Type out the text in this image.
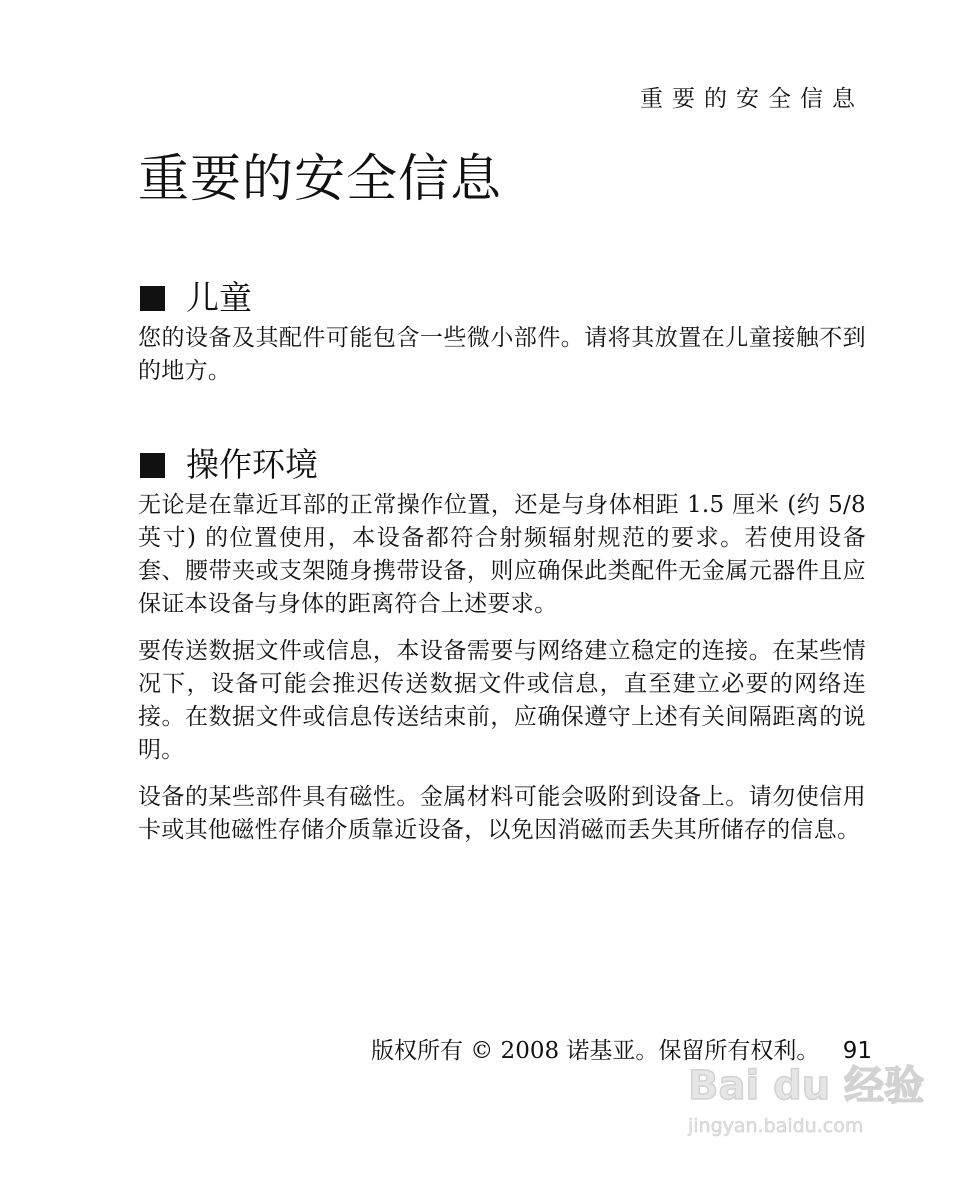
重要的安全信息
重要的安全信息
儿童

您的设备及其配件可能包含一些微小部件。请将其放置在儿童接触不到的地方。

操作环境

无论是在靠近耳部的正常操作位置，还是与身体相距 1.5 厘米 (约 5/8 英寸) 的位置使用，本设备都符合射频辐射规范的要求。若使用设备套、腰带夹或支架随身携带设备，则应确保此类配件无金属元器件且应保证本设备与身体的距离符合上述要求。

要传送数据文件或信息，本设备需要与网络建立稳定的连接。在某些情况下，设备可能会推迟传送数据文件或信息，直至建立必要的网络连接。在数据文件或信息传送结束前，应确保遵守上述有关间隔距离的说明。

设备的某些部件具有磁性。金属材料可能会吸附到设备上。请勿使信用卡或其他磁性存储介质靠近设备，以免因消磁而丢失其所储存的信息。

版权所有 © 2008 诺基亚。保留所有权利。 91
Bai du 经验
jingyan.baidu.com
